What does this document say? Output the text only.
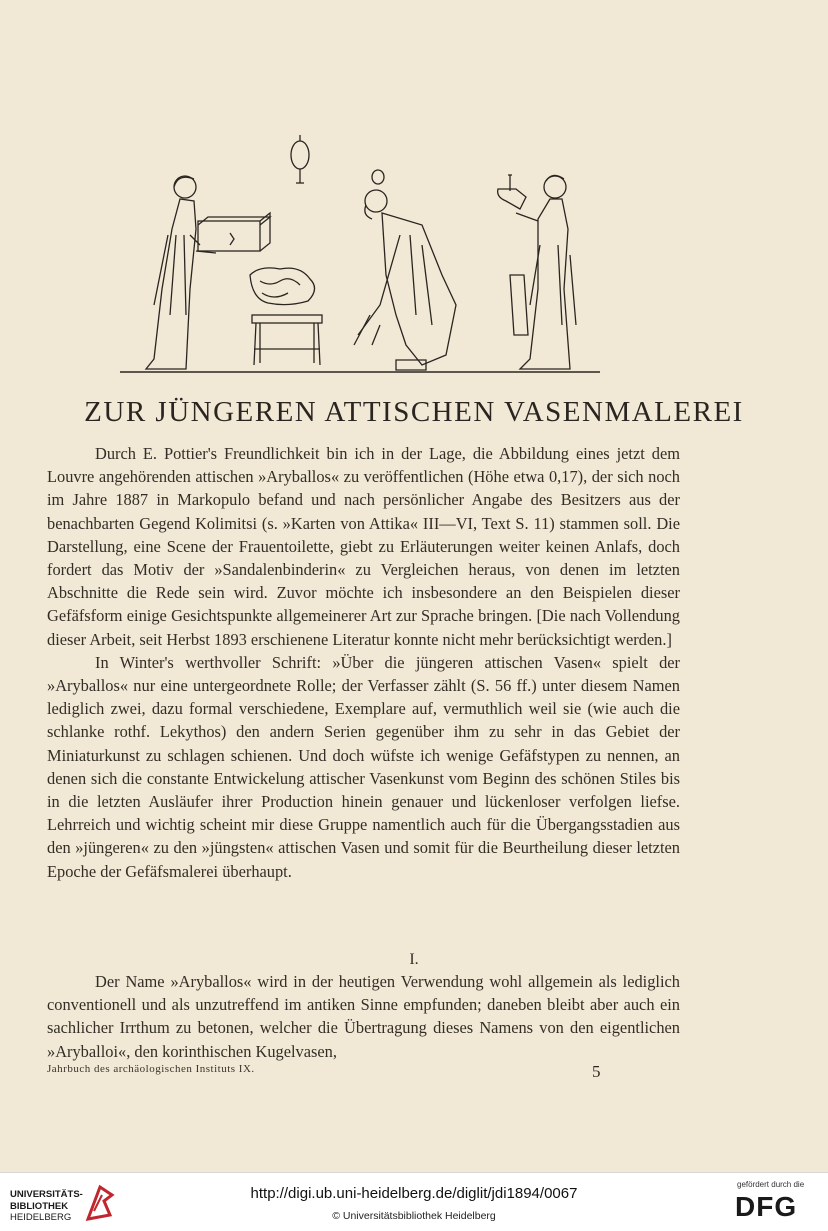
ZUR JÜNGEREN ATTISCHEN VASENMALEREI

Durch E. Pottier's Freundlichkeit bin ich in der Lage, die Abbildung eines jetzt dem Louvre angehörenden attischen »Aryballos« zu veröffentlichen (Höhe etwa 0,17), der sich noch im Jahre 1887 in Markopulo befand und nach persönlicher Angabe des Besitzers aus der benachbarten Gegend Kolimitsi (s. »Karten von Attika« III—VI, Text S. 11) stammen soll. Die Darstellung, eine Scene der Frauentoilette, giebt zu Erläuterungen weiter keinen Anlafs, doch fordert das Motiv der »Sandalenbinderin« zu Vergleichen heraus, von denen im letzten Abschnitte die Rede sein wird. Zuvor möchte ich insbesondere an den Beispielen dieser Gefäfsform einige Gesichtspunkte allgemeinerer Art zur Sprache bringen. [Die nach Vollendung dieser Arbeit, seit Herbst 1893 erschienene Literatur konnte nicht mehr berücksichtigt werden.]

In Winter's werthvoller Schrift: »Über die jüngeren attischen Vasen« spielt der »Aryballos« nur eine untergeordnete Rolle; der Verfasser zählt (S. 56 ff.) unter diesem Namen lediglich zwei, dazu formal verschiedene, Exemplare auf, vermuthlich weil sie (wie auch die schlanke rothf. Lekythos) den andern Serien gegenüber ihm zu sehr in das Gebiet der Miniaturkunst zu schlagen schienen. Und doch wüfste ich wenige Gefäfstypen zu nennen, an denen sich die constante Entwickelung attischer Vasenkunst vom Beginn des schönen Stiles bis in die letzten Ausläufer ihrer Production hinein genauer und lückenloser verfolgen liefse. Lehrreich und wichtig scheint mir diese Gruppe namentlich auch für die Übergangsstadien aus den »jüngeren« zu den »jüngsten« attischen Vasen und somit für die Beurtheilung dieser letzten Epoche der Gefäfsmalerei überhaupt.

I.

Der Name »Aryballos« wird in der heutigen Verwendung wohl allgemein als lediglich conventionell und als unzutreffend im antiken Sinne empfunden; daneben bleibt aber auch ein sachlicher Irrthum zu betonen, welcher die Übertragung dieses Namens von den eigentlichen »Aryballoi«, den korinthischen Kugelvasen,

Jahrbuch des archäologischen Instituts IX.	5
UNIVERSITÄTS-
BIBLIOTHEK
HEIDELBERG
http://digi.ub.uni-heidelberg.de/diglit/jdi1894/0067
© Universitätsbibliothek Heidelberg
gefördert durch die
DFG
